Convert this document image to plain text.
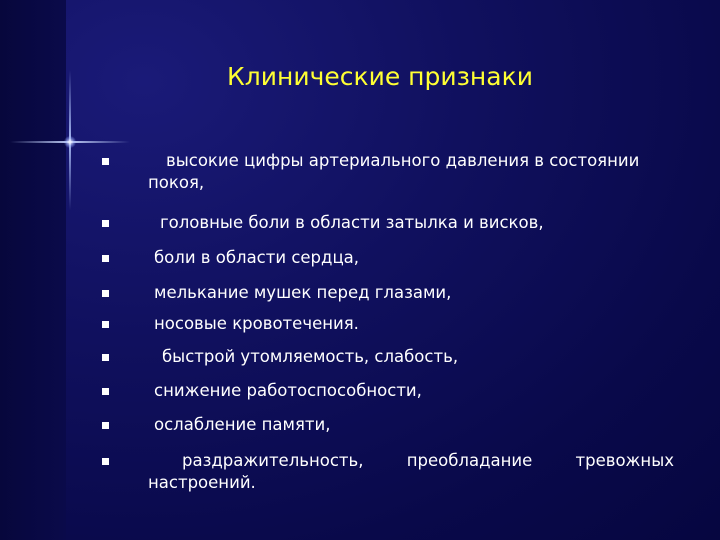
Клинические признаки
высокие цифры артериального давления в состоянии
покоя,
головные боли в области затылка и висков,
боли в области сердца,
мелькание мушек перед глазами,
носовые кровотечения.
быстрой утомляемость, слабость,
снижение работоспособности,
ослабление памяти,
раздражительность,	преобладание	тревожных
настроений.
